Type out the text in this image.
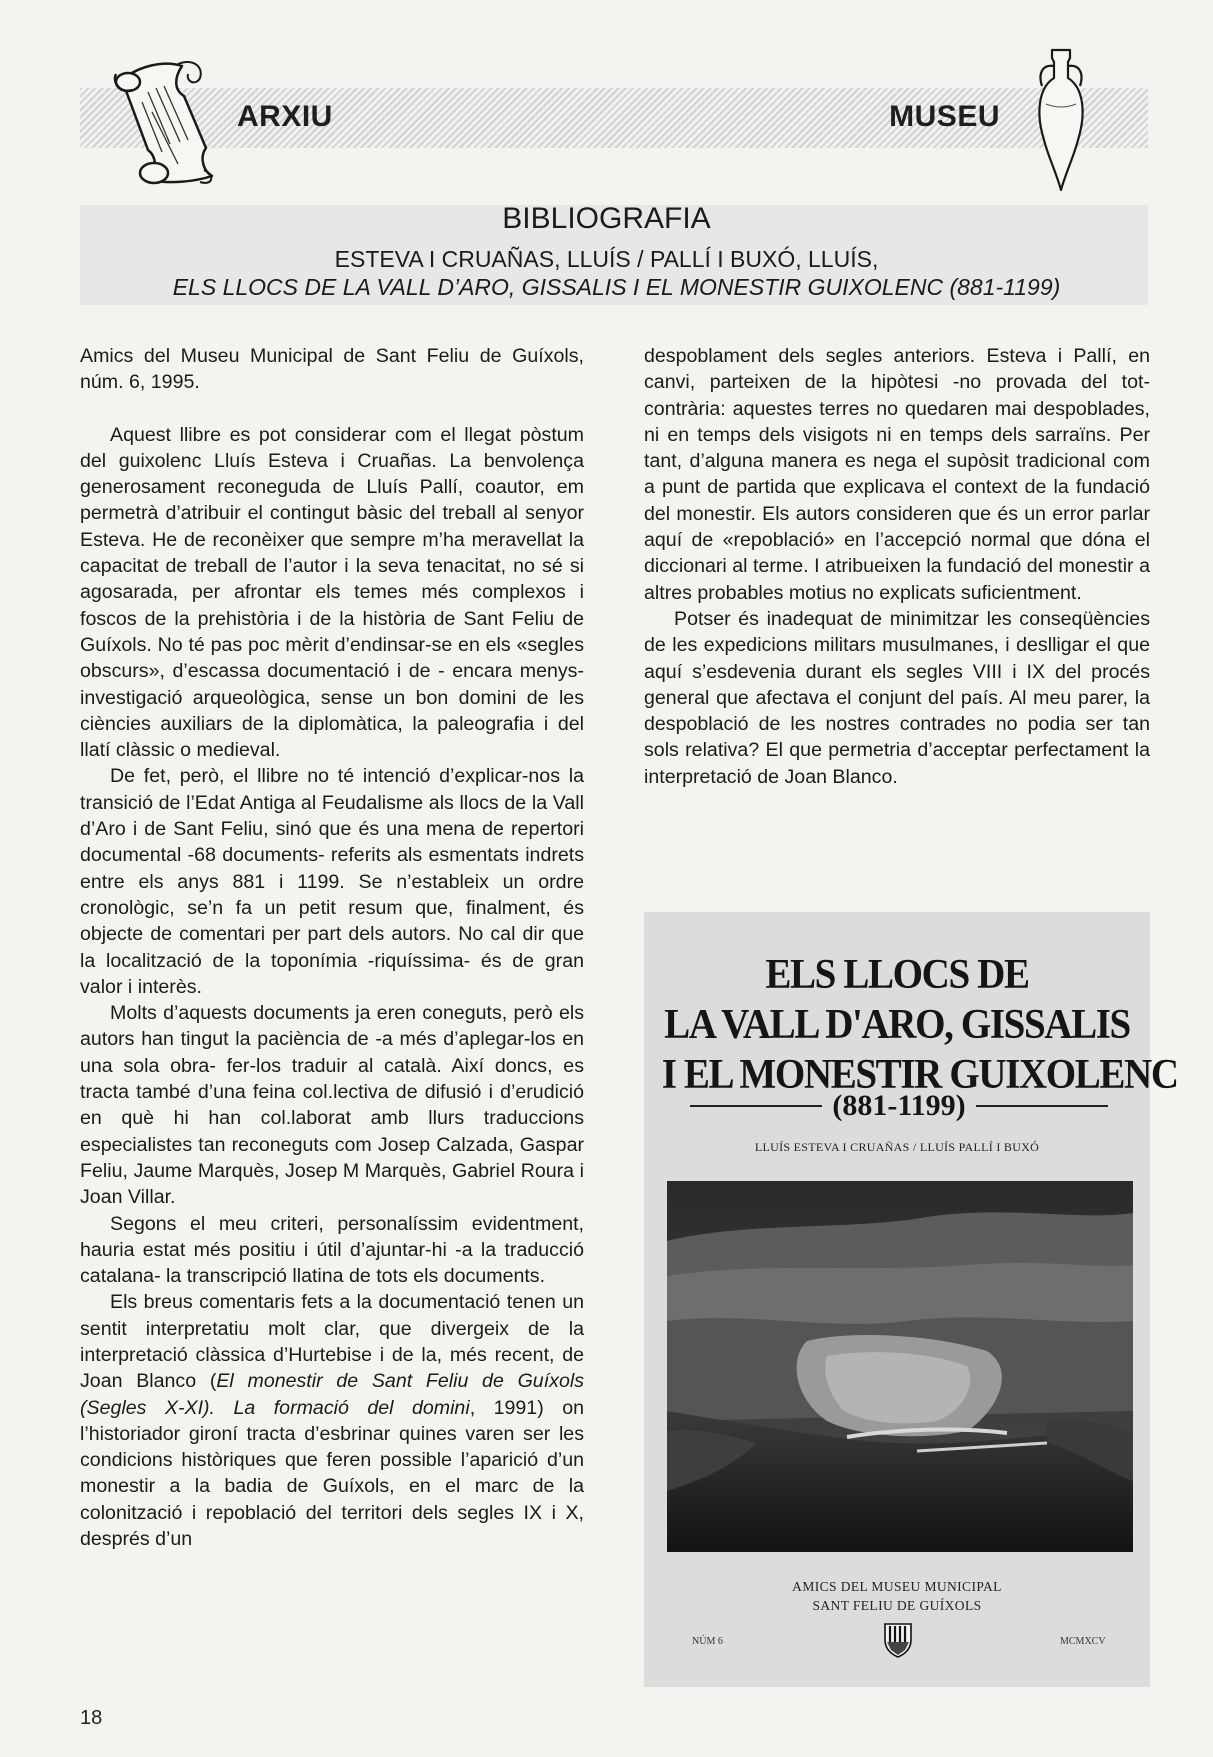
ARXIU	MUSEU
BIBLIOGRAFIA
ESTEVA I CRUAÑAS, LLUÍS / PALLÍ I BUXÓ, LLUÍS,
ELS LLOCS DE LA VALL D’ARO, GISSALIS I EL MONESTIR GUIXOLENC (881-1199)

Amics del Museu Municipal de Sant Feliu de Guíxols, núm. 6, 1995.

Aquest llibre es pot considerar com el llegat pòstum del guixolenc Lluís Esteva i Cruañas. La benvolença generosament reconeguda de Lluís Pallí, coautor, em permetrà d’atribuir el contingut bàsic del treball al senyor Esteva. He de reconèixer que sempre m’ha meravellat la capacitat de treball de l’autor i la seva tenacitat, no sé si agosarada, per afrontar els temes més complexos i foscos de la prehistòria i de la història de Sant Feliu de Guíxols. No té pas poc mèrit d’endinsar-se en els «segles obscurs», d’escassa documentació i de - encara menys-investigació arqueològica, sense un bon domini de les ciències auxiliars de la diplomàtica, la paleografia i del llatí clàssic o medieval.

De fet, però, el llibre no té intenció d’explicar-nos la transició de l’Edat Antiga al Feudalisme als llocs de la Vall d’Aro i de Sant Feliu, sinó que és una mena de repertori documental -68 documents- referits als esmentats indrets entre els anys 881 i 1199. Se n’estableix un ordre cronològic, se’n fa un petit resum que, finalment, és objecte de comentari per part dels autors. No cal dir que la localització de la toponímia -riquíssima- és de gran valor i interès.

Molts d’aquests documents ja eren coneguts, però els autors han tingut la paciència de -a més d’aplegar-los en una sola obra- fer-los traduir al català. Així doncs, es tracta també d’una feina col.lectiva de difusió i d’erudició en què hi han col.laborat amb llurs traduccions especialistes tan reconeguts com Josep Calzada, Gaspar Feliu, Jaume Marquès, Josep M Marquès, Gabriel Roura i Joan Villar.

Segons el meu criteri, personalíssim evidentment, hauria estat més positiu i útil d’ajuntar-hi -a la traducció catalana- la transcripció llatina de tots els documents.

Els breus comentaris fets a la documentació tenen un sentit interpretatiu molt clar, que divergeix de la interpretació clàssica d’Hurtebise i de la, més recent, de Joan Blanco (El monestir de Sant Feliu de Guíxols (Segles X-XI). La formació del domini, 1991) on l’historiador gironí tracta d’esbrinar quines varen ser les condicions històriques que feren possible l’aparició d’un monestir a la badia de Guíxols, en el marc de la colonització i repoblació del territori dels segles IX i X, després d’un

despoblament dels segles anteriors. Esteva i Pallí, en canvi, parteixen de la hipòtesi -no provada del tot- contrària: aquestes terres no quedaren mai despoblades, ni en temps dels visigots ni en temps dels sarraïns. Per tant, d’alguna manera es nega el supòsit tradicional com a punt de partida que explicava el context de la fundació del monestir. Els autors consideren que és un error parlar aquí de «repoblació» en l’accepció normal que dóna el diccionari al terme. I atribueixen la fundació del monestir a altres probables motius no explicats suficientment.

Potser és inadequat de minimitzar les conseqüències de les expedicions militars musulmanes, i deslligar el que aquí s’esdevenia durant els segles VIII i IX del procés general que afectava el conjunt del país. Al meu parer, la despoblació de les nostres contrades no podia ser tan sols relativa? El que permetria d’acceptar perfectament la interpretació de Joan Blanco.

ELS LLOCS DE
LA VALL D'ARO, GISSALIS
I EL MONESTIR GUIXOLENC
(881-1199)
LLUÍS ESTEVA I CRUAÑAS / LLUÍS PALLÍ I BUXÓ
AMICS DEL MUSEU MUNICIPAL
SANT FELIU DE GUÍXOLS
NÚM 6	MCMXCV
18
